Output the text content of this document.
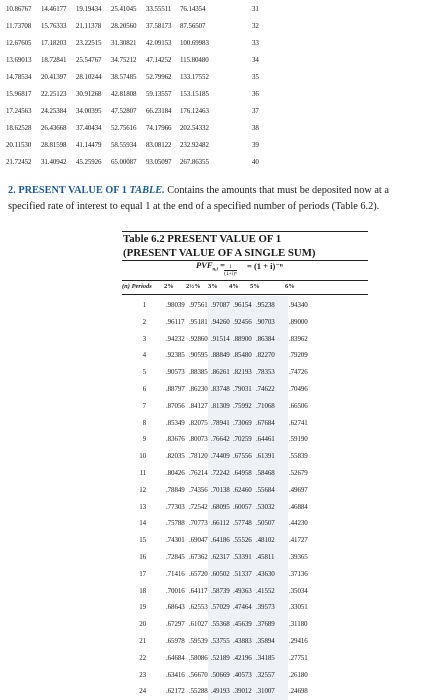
10.86767 14.46177 19.19434 25.41045 33.55511 76.14354	31
11.73708 15.76333 21.11378 28.20560 37.58173 87.56507	32
12.67605 17.18203 23.22515 31.30821 42.09153 100.69983	33
13.69013 18.72841 25.54767 34.75212 47.14252 115.80480	34
14.78534 20.41397 28.10244 38.57485 52.79962 133.17552	35
15.96817 22.25123 30.91268 42.81808 59.13557 153.15185	36
17.24563 24.25384 34.00395 47.52807 66.23184 176.12463	37
18.62528 26.43668 37.40434 52.75616 74.17966 202.54332	38
20.11530 28.81598 41.14479 58.55934 83.08122 232.92482	39
21.72452 31.40942 45.25926 65.00087 93.05097 267.86355	40
2. PRESENT VALUE OF 1 TABLE. Contains the amounts that must be deposited now at a specified rate of interest to equal 1 at the end of a specified number of periods (Table 6.2).
Table 6.2 PRESENT VALUE OF 1
(PRESENT VALUE OF A SINGLE SUM)
$PVF_{n,i} = \frac{1}{\text{(1+i)ⁿ}} = (1 + i)^{-n}$
(n) Periods 2% 2½% 3% 4% 5%	6%
1	.98039 .97561 .97087 .96154 .95238 .94340
2	.96117 .95181 .94260 .92456 .90703 .89000
3	.94232 .92860 .91514 .88900 .86384 .83962
4	.92385 .90595 .88849 .85480 .82270 .79209
5	.90573 .88385 .86261 .82193 .78353 .74726
6	.88797 .86230 .83748 .79031 .74622 .70496
7	.87056 .84127 .81309 .75992 .71068 .66506
8	.85349 .82075 .78941 .73069 .67684 .62741
9	.83676 .80073 .76642 .70259 .64461 .59190
10	.82035 .78120 .74409 .67556 .61391 .55839
11	.80426 .76214 .72242 .64958 .58468 .52679
12	.78849 .74356 .70138 .62460 .55684 .49697
13	.77303 .72542 .68095 .60057 .53032 .46884
14	.75788 .70773 .66112 .57748 .50507 .44230
15	.74301 .69047 .64186 .55526 .48102 .41727
16	.72845 .67362 .62317 .53391 .45811 .39365
17	.71416 .65720 .60502 .51337 .43630 .37136
18	.70016 .64117 .58739 .49363 .41552 .35034
19	.68643 .62553 .57029 .47464 .39573 .33051
20	.67297 .61027 .55368 .45639 .37689 .31180
21	.65978 .59539 .53755 .43883 .35894 .29416
22	.64684 .58086 .52189 .42196 .34185 .27751
23	.63416 .56670 .50669 .40573 .32557 .26180
24	.62172 .55288 .49193 .39012 .31007 .24698
